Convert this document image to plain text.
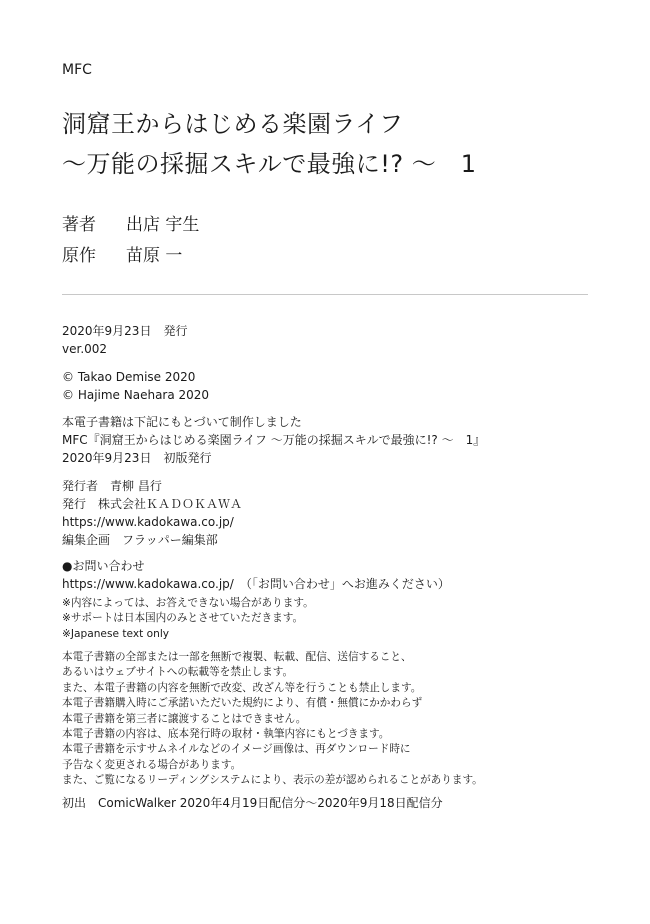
MFC
洞窟王からはじめる楽園ライフ
〜万能の採掘スキルで最強に!? 〜　1
著者 出店 宇生
原作 苗原 一
2020年9月23日　発行
ver.002
© Takao Demise 2020
© Hajime Naehara 2020
本電子書籍は下記にもとづいて制作しました
MFC『洞窟王からはじめる楽園ライフ 〜万能の採掘スキルで最強に!? 〜　1』
2020年9月23日　初版発行
発行者　青柳 昌行
発行　株式会社ＫＡＤＯＫＡＷＡ
https://www.kadokawa.co.jp/
編集企画　フラッパー編集部
●お問い合わせ
https://www.kadokawa.co.jp/　（「お問い合わせ」へお進みください）
※内容によっては、お答えできない場合があります。
※サポートは日本国内のみとさせていただきます。
※Japanese text only
本電子書籍の全部または一部を無断で複製、転載、配信、送信すること、
あるいはウェブサイトへの転載等を禁止します。
また、本電子書籍の内容を無断で改変、改ざん等を行うことも禁止します。
本電子書籍購入時にご承諾いただいた規約により、有償・無償にかかわらず
本電子書籍を第三者に譲渡することはできません。
本電子書籍の内容は、底本発行時の取材・執筆内容にもとづきます。
本電子書籍を示すサムネイルなどのイメージ画像は、再ダウンロード時に
予告なく変更される場合があります。
また、ご覧になるリーディングシステムにより、表示の差が認められることがあります。
初出　ComicWalker 2020年4月19日配信分〜2020年9月18日配信分
